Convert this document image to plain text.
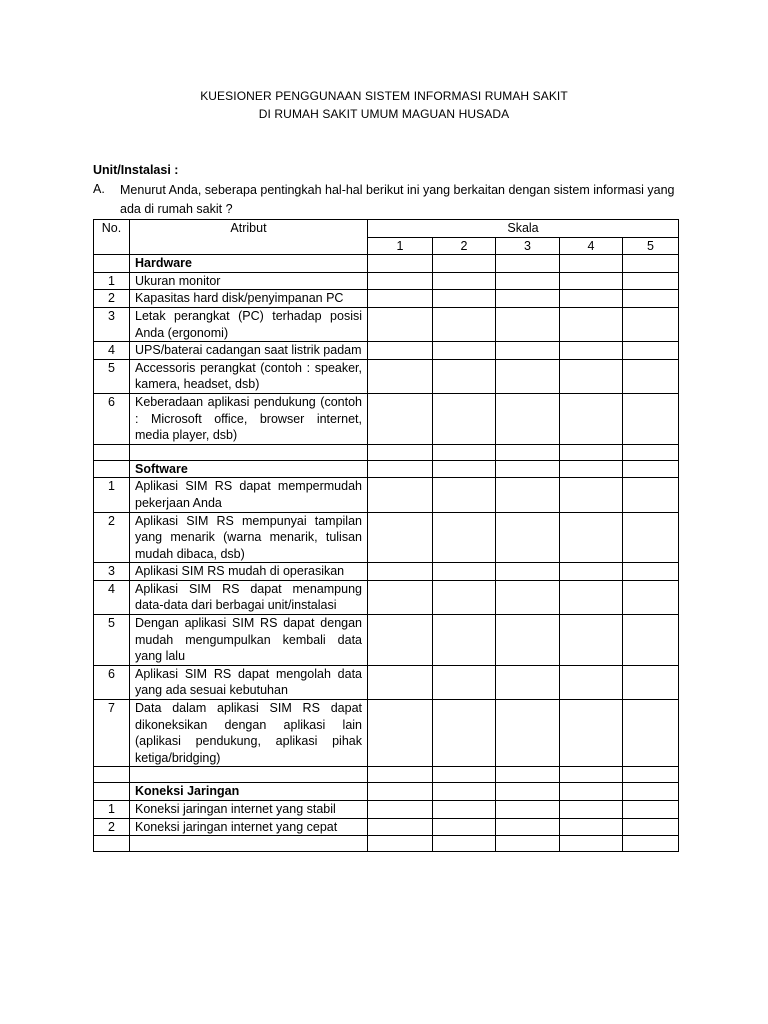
KUESIONER PENGGUNAAN SISTEM INFORMASI RUMAH SAKIT
DI RUMAH SAKIT UMUM MAGUAN HUSADA
Unit/Instalasi :
A. Menurut Anda, seberapa pentingkah hal-hal berikut ini yang berkaitan dengan sistem informasi yang ada di rumah sakit ?
No.	Atribut	Skala				
		1	2	3	4	5
	Hardware					
1	Ukuran monitor					
2	Kapasitas hard disk/penyimpanan PC					
3	Letak perangkat (PC) terhadap posisi Anda (ergonomi)					
4	UPS/baterai cadangan saat listrik padam					
5	Accessoris perangkat (contoh : speaker, kamera, headset, dsb)					
6	Keberadaan aplikasi pendukung (contoh : Microsoft office, browser internet, media player, dsb)					

	Software					
1	Aplikasi SIM RS dapat mempermudah pekerjaan Anda					
2	Aplikasi SIM RS mempunyai tampilan yang menarik (warna menarik, tulisan mudah dibaca, dsb)					
3	Aplikasi SIM RS mudah di operasikan					
4	Aplikasi SIM RS dapat menampung data-data dari berbagai unit/instalasi					
5	Dengan aplikasi SIM RS dapat dengan mudah mengumpulkan kembali data yang lalu					
6	Aplikasi SIM RS dapat mengolah data yang ada sesuai kebutuhan					
7	Data dalam aplikasi SIM RS dapat dikoneksikan dengan aplikasi lain (aplikasi pendukung, aplikasi pihak ketiga/bridging)					

	Koneksi Jaringan					
1	Koneksi jaringan internet yang stabil					
2	Koneksi jaringan internet yang cepat					
